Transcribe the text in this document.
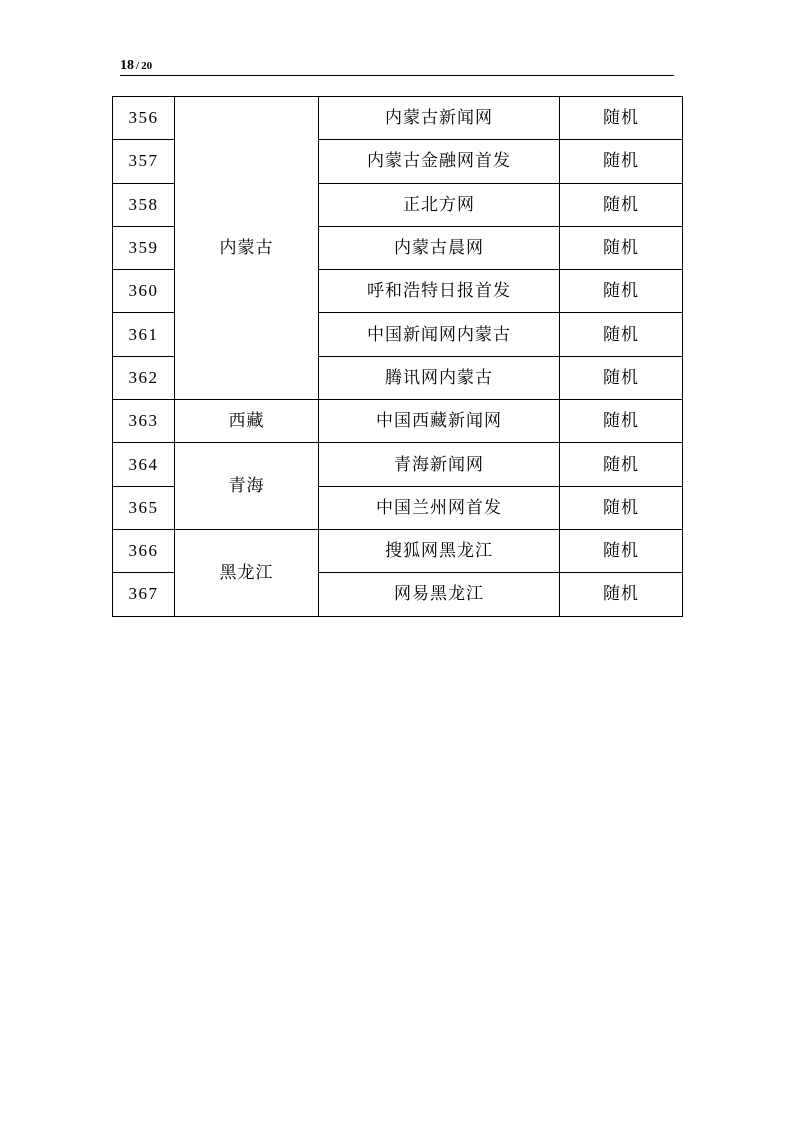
18 / 20
356	内蒙古	内蒙古新闻网	随机
357		内蒙古金融网首发	随机
358		正北方网	随机
359		内蒙古晨网	随机
360		呼和浩特日报首发	随机
361		中国新闻网内蒙古	随机
362		腾讯网内蒙古	随机
363	西藏	中国西藏新闻网	随机
364	青海	青海新闻网	随机
365		中国兰州网首发	随机
366	黑龙江	搜狐网黑龙江	随机
367		网易黑龙江	随机
